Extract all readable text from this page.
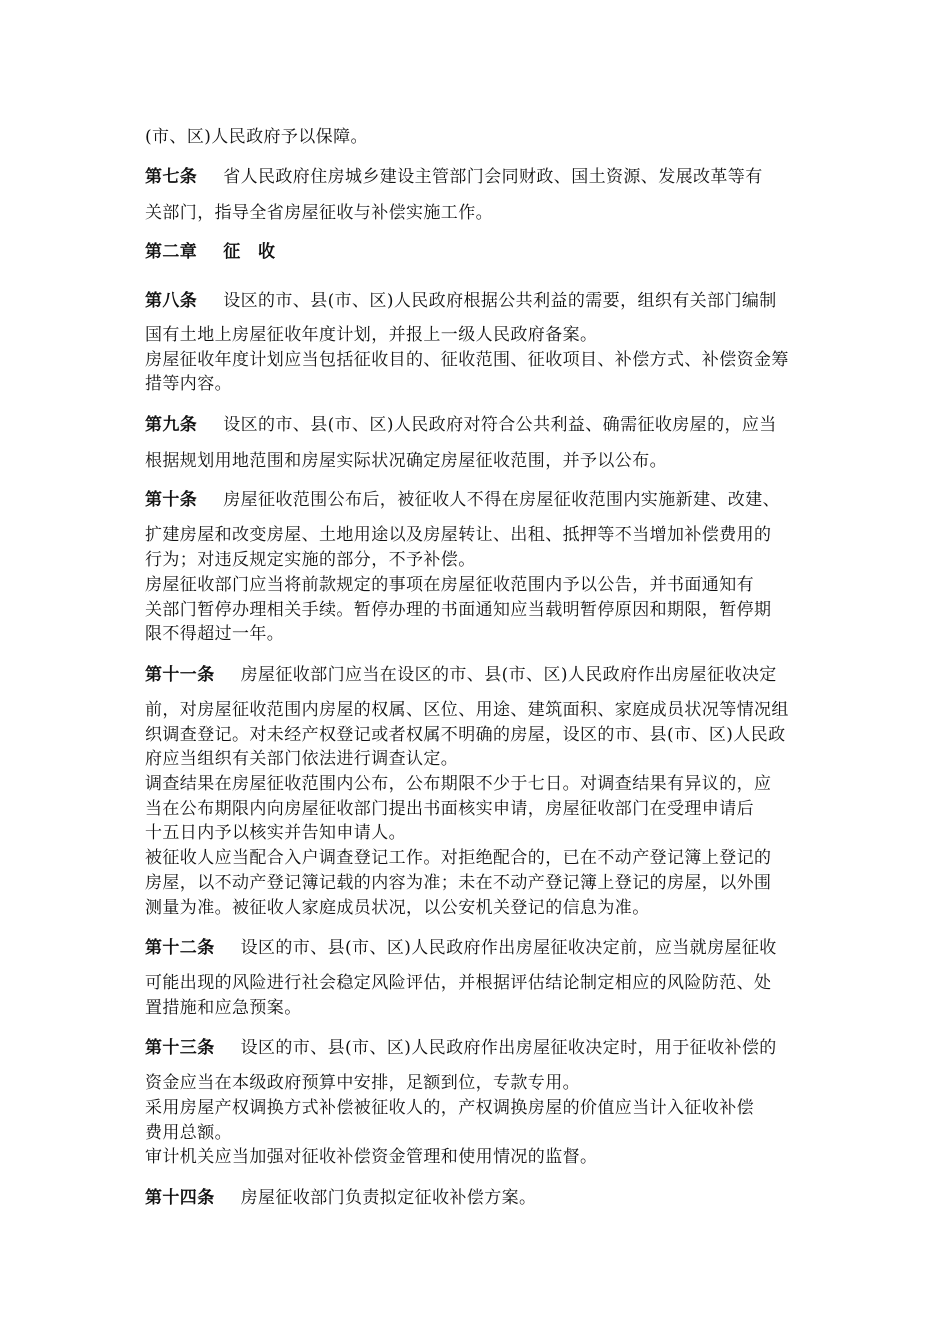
(市、区)人民政府予以保障。
第七条 省人民政府住房城乡建设主管部门会同财政、国土资源、发展改革等有
关部门，指导全省房屋征收与补偿实施工作。
第二章 征　收
第八条 设区的市、县(市、区)人民政府根据公共利益的需要，组织有关部门编制
国有土地上房屋征收年度计划，并报上一级人民政府备案。
房屋征收年度计划应当包括征收目的、征收范围、征收项目、补偿方式、补偿资金筹
措等内容。
第九条 设区的市、县(市、区)人民政府对符合公共利益、确需征收房屋的，应当
根据规划用地范围和房屋实际状况确定房屋征收范围，并予以公布。
第十条 房屋征收范围公布后，被征收人不得在房屋征收范围内实施新建、改建、
扩建房屋和改变房屋、土地用途以及房屋转让、出租、抵押等不当增加补偿费用的
行为；对违反规定实施的部分，不予补偿。
房屋征收部门应当将前款规定的事项在房屋征收范围内予以公告，并书面通知有
关部门暂停办理相关手续。暂停办理的书面通知应当载明暂停原因和期限，暂停期
限不得超过一年。
第十一条 房屋征收部门应当在设区的市、县(市、区)人民政府作出房屋征收决定
前，对房屋征收范围内房屋的权属、区位、用途、建筑面积、家庭成员状况等情况组
织调查登记。对未经产权登记或者权属不明确的房屋，设区的市、县(市、区)人民政
府应当组织有关部门依法进行调查认定。
调查结果在房屋征收范围内公布，公布期限不少于七日。对调查结果有异议的，应
当在公布期限内向房屋征收部门提出书面核实申请，房屋征收部门在受理申请后
十五日内予以核实并告知申请人。
被征收人应当配合入户调查登记工作。对拒绝配合的，已在不动产登记簿上登记的
房屋，以不动产登记簿记载的内容为准；未在不动产登记簿上登记的房屋，以外围
测量为准。被征收人家庭成员状况，以公安机关登记的信息为准。
第十二条 设区的市、县(市、区)人民政府作出房屋征收决定前，应当就房屋征收
可能出现的风险进行社会稳定风险评估，并根据评估结论制定相应的风险防范、处
置措施和应急预案。
第十三条 设区的市、县(市、区)人民政府作出房屋征收决定时，用于征收补偿的
资金应当在本级政府预算中安排，足额到位，专款专用。
采用房屋产权调换方式补偿被征收人的，产权调换房屋的价值应当计入征收补偿
费用总额。
审计机关应当加强对征收补偿资金管理和使用情况的监督。
第十四条 房屋征收部门负责拟定征收补偿方案。
